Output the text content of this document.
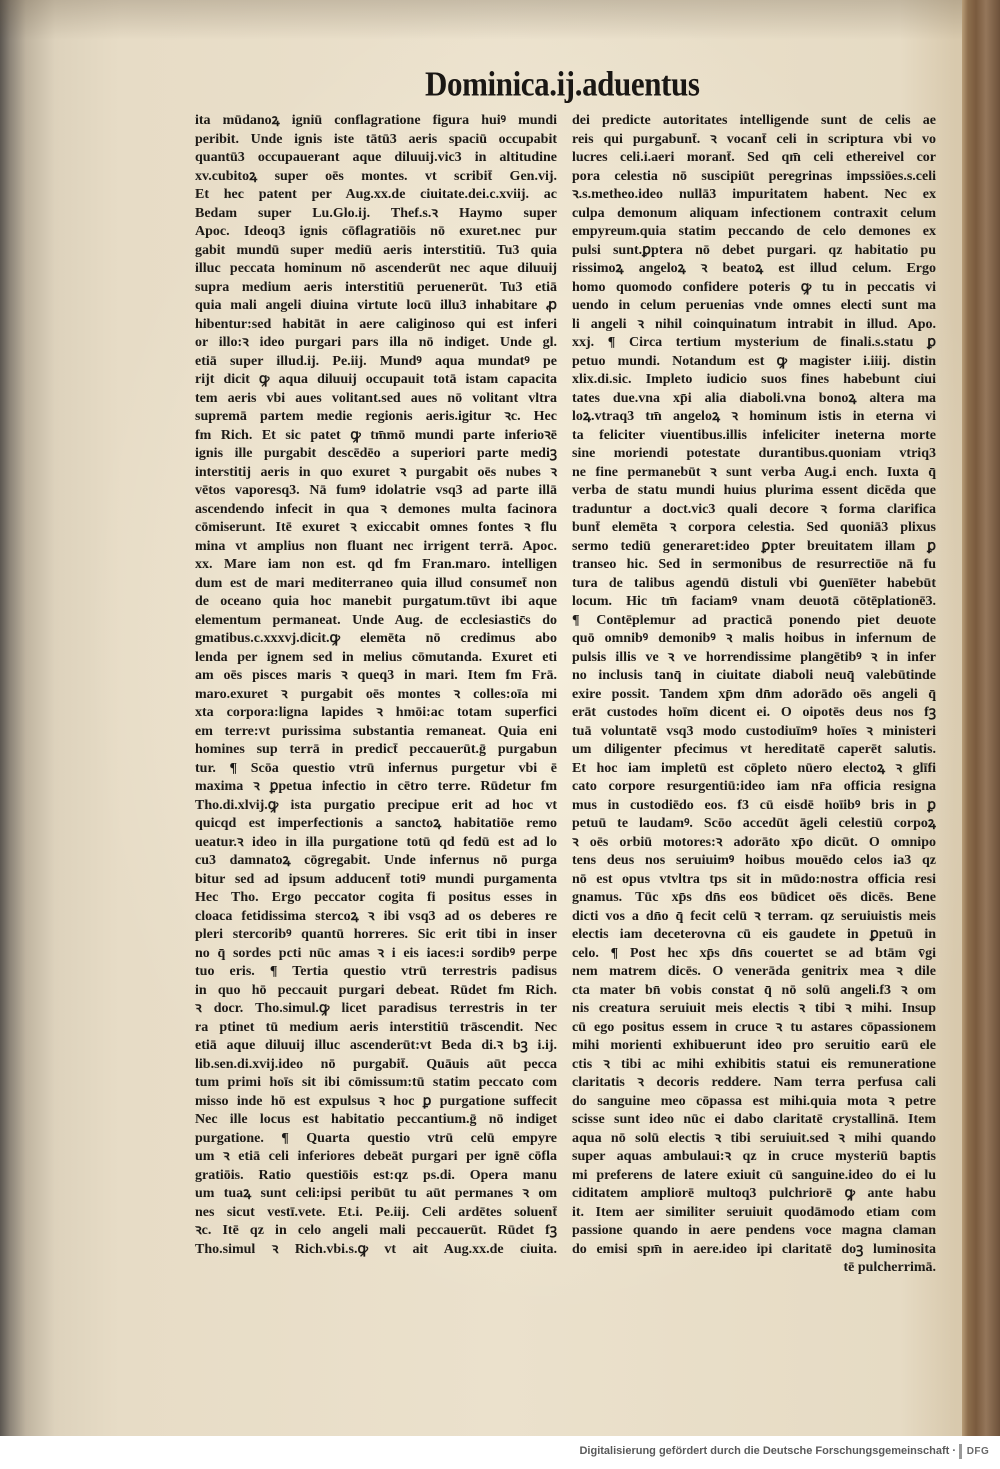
Dominica.ij.aduentus
ita mūdanoꝝ igniū conflagratione figura huiꝰ mundi
peribit. Unde ignis iste tātū3 aeris spaciū occupabit
quantū3 occupauerant aque diluuij.vic3 in altitudine
xv.cubitoꝝ super oēs montes. vt scribit̄ Gen.vij.
Et hec patent per Aug.xx.de ciuitate.dei.c.xviij. ac
Bedam super Lu.Glo.ij. Thef.s.ꝛ Haymo super
Apoc. Ideoq3 ignis cōflagratiōis nō exuret.nec pur
gabit mundū super mediū aeris interstitiū. Tu3 quia
illuc peccata hominum nō ascenderūt nec aque diluuij
supra medium aeris interstitiū peruenerūt. Tu3 etiā
quia mali angeli diuina virtute locū illu3 inhabitare ꝓ
hibentur:sed habitāt in aere caliginoso qui est inferi
or illo:ꝛ ideo purgari pars illa nō indiget. Unde gl.
etiā super illud.ij. Pe.iij. Mundꝰ aqua mundatꝰ pe
rijt dicit ꝙ aqua diluuij occupauit totā istam capacita
tem aeris vbi aues volitant.sed aues nō volitant vltra
supremā partem medie regionis aeris.igitur ꝛc. Hec
fm Rich. Et sic patet ꝙ tm̄mō mundi parte inferioꝛē
ignis ille purgabit descēdēo a superiori parte mediꝫ
interstitij aeris in quo exuret ꝛ purgabit oēs nubes ꝛ
vētos vaporesq3. Nā fumꝰ idolatrie vsq3 ad parte illā
ascendendo infecit in qua ꝛ demones multa facinora
cōmiserunt. Itē exuret ꝛ exiccabit omnes fontes ꝛ flu
mina vt amplius non fluant nec irrigent terrā. Apoc.
xx. Mare iam non est. qd fm Fran.maro. intelligen
dum est de mari mediterraneo quia illud consumet̄ non
de oceano quia hoc manebit purgatum.tūvt ibi aque
elementum permaneat. Unde Aug. de ecclesiastic̄s do
gmatibus.c.xxxvj.dicit.ꝙ elemēta nō credimus abo
lenda per ignem sed in melius cōmutanda. Exuret eti
am oēs pisces maris ꝛ queq3 in mari. Item fm Frā.
maro.exuret ꝛ purgabit oēs montes ꝛ colles:oīa mi
xta corpora:ligna lapides ꝛ hmōi:ac totam superfici
em terre:vt purissima substantia remaneat. Quia eni
homines sup terrā in predict̄ peccauerūt.ḡ purgabun
tur. ¶ Scōa questio vtrū infernus purgetur vbi ē
maxima ꝛ ꝑpetua infectio in cētro terre. Rūdetur fm
Tho.di.xlvij.ꝙ ista purgatio precipue erit ad hoc vt
quicqd est imperfectionis a sanctoꝝ habitatiōe remo
ueatur.ꝛ ideo in illa purgatione totū qd fedū est ad lo
cu3 damnatoꝝ cōgregabit. Unde infernus nō purga
bitur sed ad ipsum adducent̄ totiꝰ mundi purgamenta
Hec Tho. Ergo peccator cogita fi positus esses in
cloaca fetidissima stercoꝝ ꝛ ibi vsq3 ad os deberes re
pleri stercoribꝰ quantū horreres. Sic erit tibi in inser
no q̄ sordes pcti nūc amas ꝛ i eis iaces:i sordibꝰ perpe
tuo eris. ¶ Tertia questio vtrū terrestris padisus
in quo hō peccauit purgari debeat. Rūdet fm Rich.
ꝛ docr. Tho.simul.ꝙ licet paradisus terrestris in ter
ra ptinet tū medium aeris interstitiū trāscendit. Nec
etiā aque diluuij illuc ascenderūt:vt Beda di.ꝛ bꝫ i.ij.
lib.sen.di.xvij.ideo nō purgabit̄. Quāuis aūt pecca
tum primi hoīs sit ibi cōmissum:tū statim peccato com
misso inde hō est expulsus ꝛ hoc ꝑ purgatione suffecit
Nec ille locus est habitatio peccantium.ḡ nō indiget
purgatione. ¶ Quarta questio vtrū celū empyre
um ꝛ etiā celi inferiores debeāt purgari per ignē cōfla
gratiōis. Ratio questiōis est:qz ps.di. Opera manu
um tuaꝝ sunt celi:ipsi peribūt tu aūt permanes ꝛ om
nes sicut vestī.vete. Et.i. Pe.iij. Celi ardētes soluent̄
ꝛc. Itē qz in celo angeli mali peccauerūt. Rūdet fꝫ
Tho.simul ꝛ Rich.vbi.s.ꝙ vt ait Aug.xx.de ciuita.
dei predicte autoritates intelligende sunt de celis ae
reis qui purgabunt̄. ꝛ vocant̄ celi in scriptura vbi vo
lucres celi.i.aeri morant̄. Sed qm̄ celi ethereivel cor
pora celestia nō suscipiūt peregrinas impssiōes.s.celi
ꝛ.s.metheo.ideo nullā3 impuritatem habent. Nec ex
culpa demonum aliquam infectionem contraxit celum
empyreum.quia statim peccando de celo demones ex
pulsi sunt.ꝑptera nō debet purgari. qz habitatio pu
rissimoꝝ angeloꝝ ꝛ beatoꝝ est illud celum. Ergo
homo quomodo confidere poteris ꝙ tu in peccatis vi
uendo in celum peruenias vnde omnes electi sunt ma
li angeli ꝛ nihil coinquinatum intrabit in illud. Apo.
xxj. ¶ Circa tertium mysterium de finali.s.statu ꝑ
petuo mundi. Notandum est ꝙ magister i.iiij. distin
xlix.di.sic. Impleto iudicio suos fines habebunt ciui
tates due.vna xp̄i alia diaboli.vna bonoꝝ altera ma
loꝝ.vtraq3 tm̄ angeloꝝ ꝛ hominum istis in eterna vi
ta feliciter viuentibus.illis infeliciter ineterna morte
sine moriendi potestate durantibus.quoniam vtriq3
ne fine permanebūt ꝛ sunt verba Aug.i ench. Iuxta q̄
verba de statu mundi huius plurima essent dicēda que
traduntur a doct.vic3 quali decore ꝛ forma clarifica
bunt̄ elemēta ꝛ corpora celestia. Sed quoniā3 plixus
sermo tediū generaret:ideo ꝑpter breuitatem illam ꝑ
transeo hic. Sed in sermonibus de resurrectiōe nā fu
tura de talibus agendū distuli vbi ꝯuenīēter habebūt
locum. Hic tm̄ faciamꝰ vnam deuotā cōtēplationē3.
¶ Contēplemur ad practicā ponendo piet deuote
quō omnibꝰ demonibꝰ ꝛ malis hoibus in infernum de
pulsis illis ve ꝛ ve horrendissime plangētibꝰ ꝛ in infer
no inclusis tanq̄ in ciuitate diaboli neuq̄ valebūtinde
exire possit. Tandem xp̄m dn̄m adorādo oēs angeli q̄
erāt custodes hoīm dicent ei. O oipotēs deus nos fꝫ
tuā voluntatē vsq3 modo custodiuīmꝰ hoīes ꝛ ministeri
um diligenter pfecimus vt hereditatē caperēt salutis.
Et hoc iam impletū est cōpleto nūero electoꝝ ꝛ glīfi
cato corpore resurgentiū:ideo iam nr̄a officia resigna
mus in custodiēdo eos. f3 cū eisdē hoīibꝰ bris in ꝑ
petuū te laudamꝰ. Scōo accedūt āgeli celestiū corpoꝝ
ꝛ oēs orbiū motores:ꝛ adorāto xp̄o dicūt. O omnipo
tens deus nos seruiuimꝰ hoibus mouēdo celos ia3 qz
nō est opus vtvltra tps sit in mūdo:nostra officia resi
gnamus. Tūc xp̄s dn̄s eos būdicet oēs dicēs. Bene
dicti vos a dn̄o q̄ fecit celū ꝛ terram. qz seruiuistis meis
electis iam deceterovna cū eis gaudete in ꝑpetuū in
celo. ¶ Post hec xp̄s dn̄s couertet se ad btām v̄gi
nem matrem dicēs. O venerāda genitrix mea ꝛ dile
cta mater bn̄ vobis constat q̄ nō solū angeli.f3 ꝛ om
nis creatura seruiuit meis electis ꝛ tibi ꝛ mihi. Insup
cū ego positus essem in cruce ꝛ tu astares cōpassionem
mihi morienti exhibuerunt ideo pro seruitio earū ele
ctis ꝛ tibi ac mihi exhibitis statui eis remuneratione
claritatis ꝛ decoris reddere. Nam terra perfusa cali
do sanguine meo cōpassa est mihi.quia mota ꝛ petre
scisse sunt ideo nūc ei dabo claritatē crystallinā. Item
aqua nō solū electis ꝛ tibi seruiuit.sed ꝛ mihi quando
super aquas ambulaui:ꝛ qz in cruce mysteriū baptis
mi preferens de latere exiuit cū sanguine.ideo do ei lu
ciditatem ampliorē multoq3 pulchriorē ꝙ ante habu
it. Item aer similiter seruiuit quodāmodo etiam com
passione quando in aere pendens voce magna claman
do emisi spm̄ in aere.ideo ipi claritatē doꝫ luminosita
tē pulcherrimā.
Digitalisierung gefördert durch die Deutsche Forschungsgemeinschaft ·	DFG
